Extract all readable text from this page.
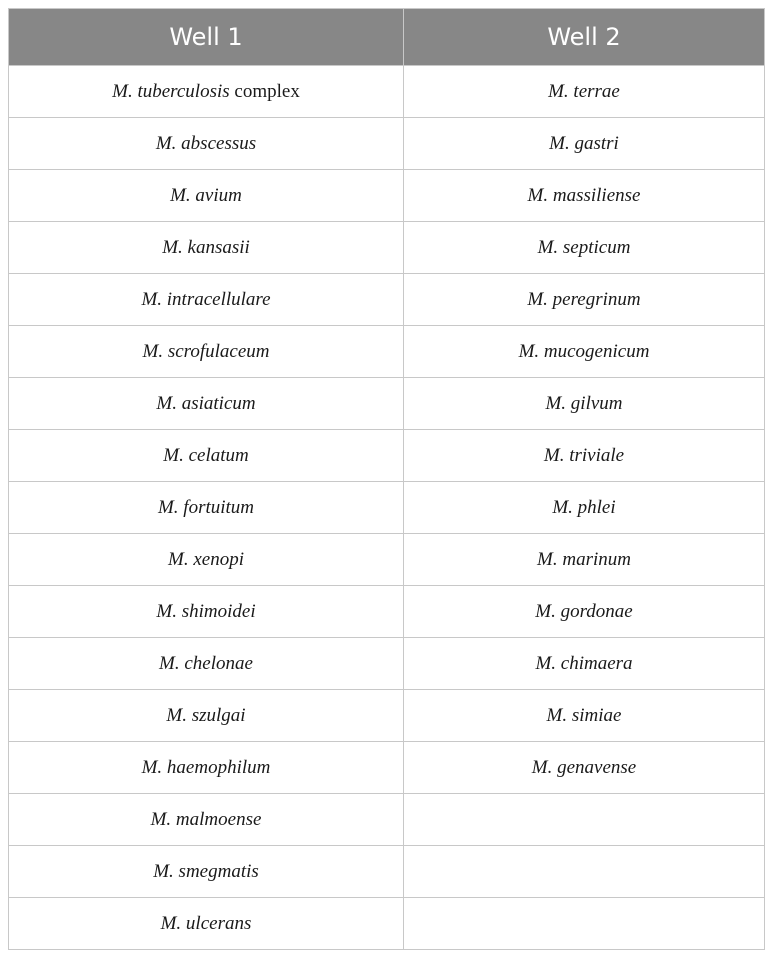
Well 1	Well 2
M. tuberculosis complex	M. terrae
M. abscessus	M. gastri
M. avium	M. massiliense
M. kansasii	M. septicum
M. intracellulare	M. peregrinum
M. scrofulaceum	M. mucogenicum
M. asiaticum	M. gilvum
M. celatum	M. triviale
M. fortuitum	M. phlei
M. xenopi	M. marinum
M. shimoidei	M. gordonae
M. chelonae	M. chimaera
M. szulgai	M. simiae
M. haemophilum	M. genavense
M. malmoense	
M. smegmatis	
M. ulcerans	
